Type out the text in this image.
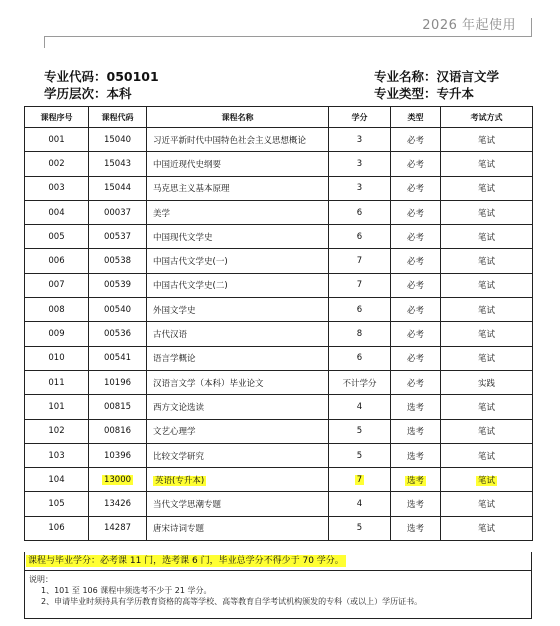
2026 年起使用
专业代码：050101	专业名称：汉语言文学
学历层次：本科	专业类型：专升本
课程序号	课程代码	课程名称	学分	类型	考试方式
001	15040	习近平新时代中国特色社会主义思想概论	3	必考	笔试
002	15043	中国近现代史纲要	3	必考	笔试
003	15044	马克思主义基本原理	3	必考	笔试
004	00037	美学	6	必考	笔试
005	00537	中国现代文学史	6	必考	笔试
006	00538	中国古代文学史(一)	7	必考	笔试
007	00539	中国古代文学史(二)	7	必考	笔试
008	00540	外国文学史	6	必考	笔试
009	00536	古代汉语	8	必考	笔试
010	00541	语言学概论	6	必考	笔试
011	10196	汉语言文学（本科）毕业论文	不计学分	必考	实践
101	00815	西方文论选读	4	选考	笔试
102	00816	文艺心理学	5	选考	笔试
103	10396	比较文学研究	5	选考	笔试
104	13000	英语(专升本)	7	选考	笔试
105	13426	当代文学思潮专题	4	选考	笔试
106	14287	唐宋诗词专题	5	选考	笔试
课程与毕业学分：必考课 11 门，选考课 6 门，毕业总学分不得少于 70 学分。
说明：
1、101 至 106 课程中须选考不少于 21 学分。
2、申请毕业时须持具有学历教育资格的高等学校、高等教育自学考试机构颁发的专科（或以上）学历证书。
